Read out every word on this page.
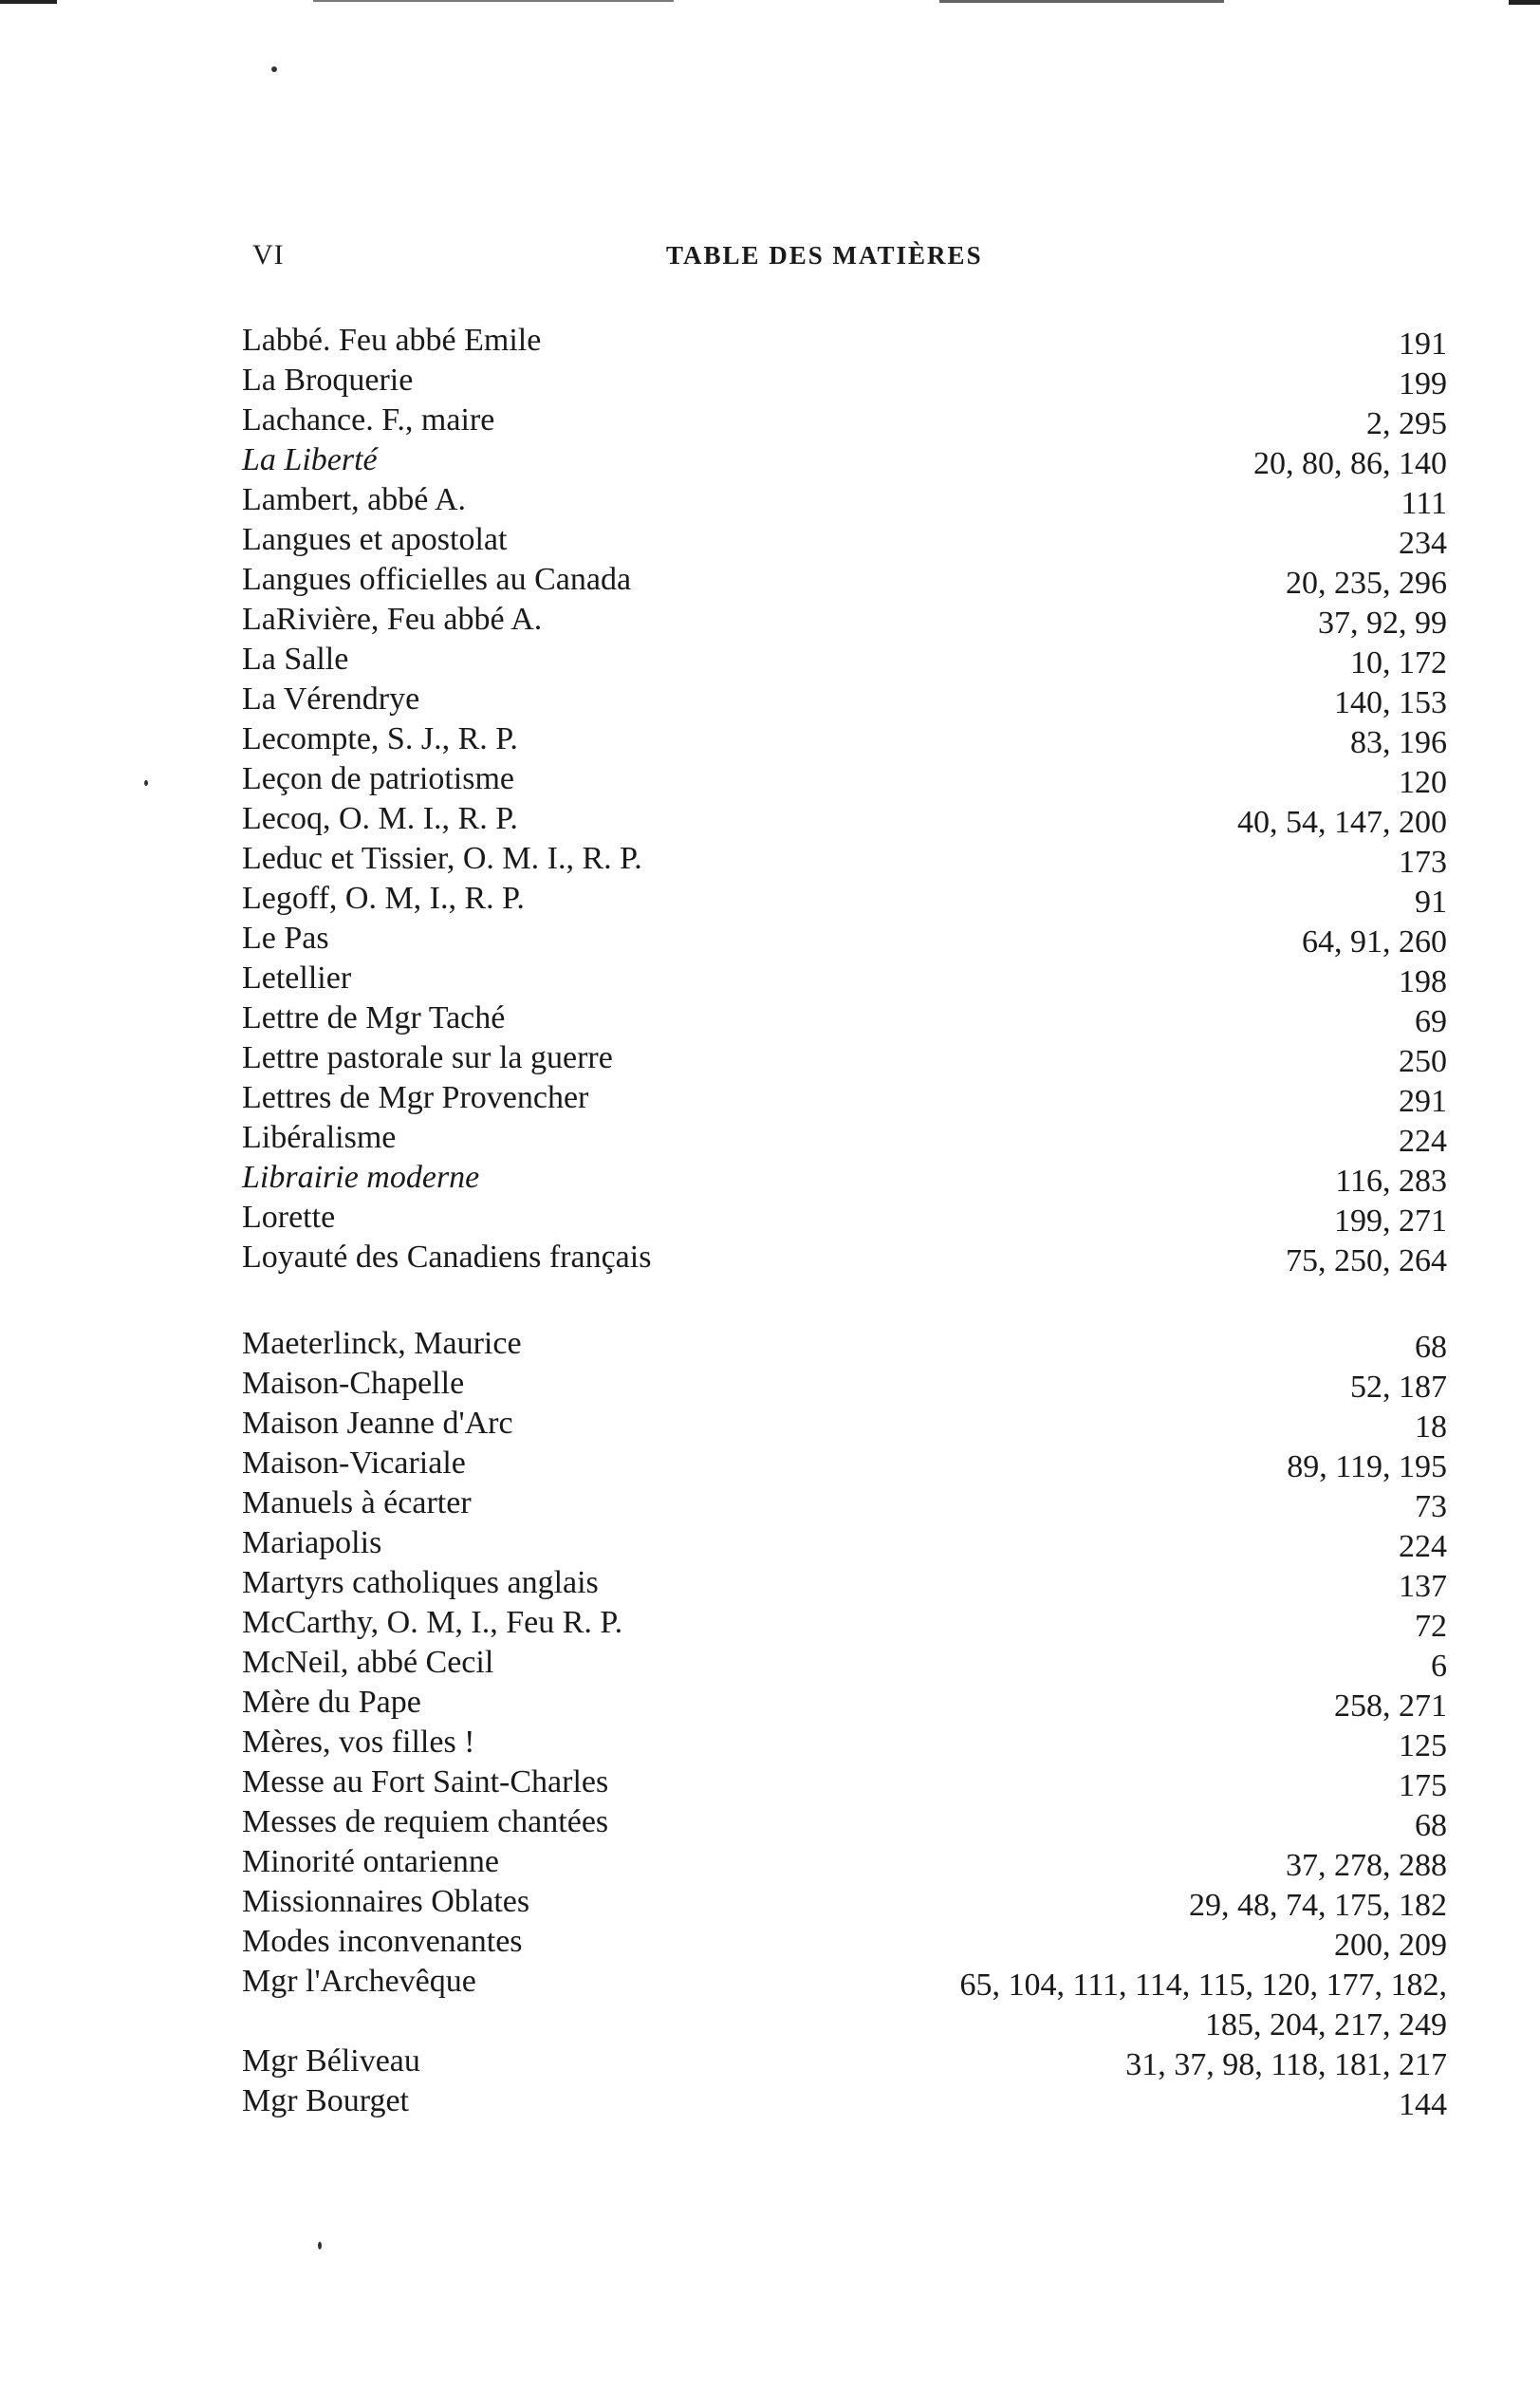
VI	TABLE DES MATIÈRES
Labbé. Feu abbé Emile	191
La Broquerie	199
Lachance. F., maire	2, 295
La Liberté	20, 80, 86, 140
Lambert, abbé A.	111
Langues et apostolat	234
Langues officielles au Canada	20, 235, 296
LaRivière, Feu abbé A.	37, 92, 99
La Salle	10, 172
La Vérendrye	140, 153
Lecompte, S. J., R. P.	83, 196
Leçon de patriotisme	120
Lecoq, O. M. I., R. P.	40, 54, 147, 200
Leduc et Tissier, O. M. I., R. P.	173
Legoff, O. M, I., R. P.	91
Le Pas	64, 91, 260
Letellier	198
Lettre de Mgr Taché	69
Lettre pastorale sur la guerre	250
Lettres de Mgr Provencher	291
Libéralisme	224
Librairie moderne	116, 283
Lorette	199, 271
Loyauté des Canadiens français	75, 250, 264
Maeterlinck, Maurice	68
Maison-Chapelle	52, 187
Maison Jeanne d'Arc	18
Maison-Vicariale	89, 119, 195
Manuels à écarter	73
Mariapolis	224
Martyrs catholiques anglais	137
McCarthy, O. M, I., Feu R. P.	72
McNeil, abbé Cecil	6
Mère du Pape	258, 271
Mères, vos filles !	125
Messe au Fort Saint-Charles	175
Messes de requiem chantées	68
Minorité ontarienne	37, 278, 288
Missionnaires Oblates	29, 48, 74, 175, 182
Modes inconvenantes	200, 209
Mgr l'Archevêque	65, 104, 111, 114, 115, 120, 177, 182,
185, 204, 217, 249
Mgr Béliveau	31, 37, 98, 118, 181, 217
Mgr Bourget	144
